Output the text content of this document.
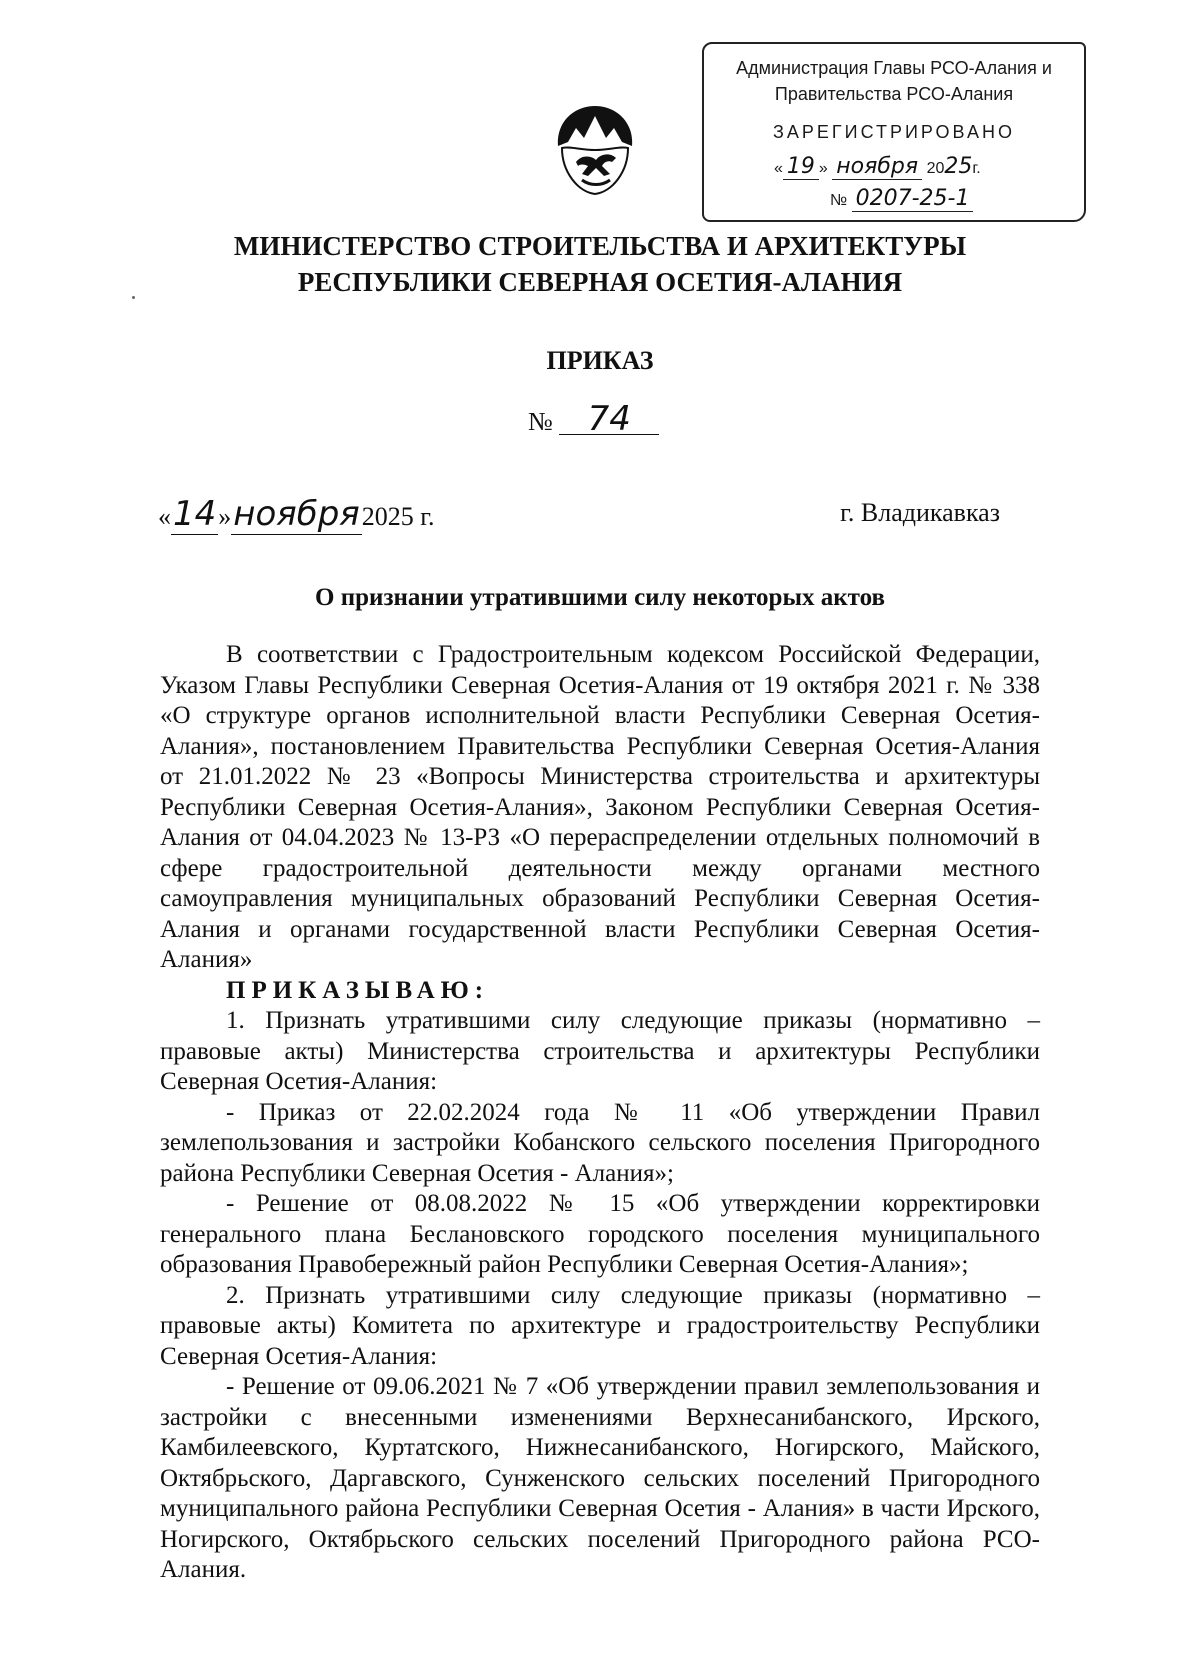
Администрация Главы РСО-Алания и
Правительства РСО-Алания
ЗАРЕГИСТРИРОВАНО
« 19 » ноября 2025г.
№ 0207-25-1
МИНИСТЕРСТВО СТРОИТЕЛЬСТВА И АРХИТЕКТУРЫ
РЕСПУБЛИКИ СЕВЕРНАЯ ОСЕТИЯ-АЛАНИЯ
ПРИКАЗ
№ 74
«14»ноября2025 г.	г. Владикавказ
О признании утратившими силу некоторых актов

В соответствии с Градостроительным кодексом Российской Федерации, Указом Главы Республики Северная Осетия-Алания от 19 октября 2021 г. № 338 «О структуре органов исполнительной власти Республики Северная Осетия-Алания», постановлением Правительства Республики Северная Осетия-Алания от 21.01.2022 № 23 «Вопросы Министерства строительства и архитектуры Республики Северная Осетия-Алания», Законом Республики Северная Осетия-Алания от 04.04.2023 № 13-РЗ «О перераспределении отдельных полномочий в сфере градостроительной деятельности между органами местного самоуправления муниципальных образований Республики Северная Осетия-Алания и органами государственной власти Республики Северная Осетия-Алания»

ПРИКАЗЫВАЮ:

1. Признать утратившими силу следующие приказы (нормативно – правовые акты) Министерства строительства и архитектуры Республики Северная Осетия-Алания:

- Приказ от 22.02.2024 года № 11 «Об утверждении Правил землепользования и застройки Кобанского сельского поселения Пригородного района Республики Северная Осетия - Алания»;

- Решение от 08.08.2022 № 15 «Об утверждении корректировки генерального плана Беслановского городского поселения муниципального образования Правобережный район Республики Северная Осетия-Алания»;

2. Признать утратившими силу следующие приказы (нормативно – правовые акты) Комитета по архитектуре и градостроительству Республики Северная Осетия-Алания:

- Решение от 09.06.2021 № 7 «Об утверждении правил землепользования и застройки с внесенными изменениями Верхнесанибанского, Ирского, Камбилеевского, Куртатского, Нижнесанибанского, Ногирского, Майского, Октябрьского, Даргавского, Сунженского сельских поселений Пригородного муниципального района Республики Северная Осетия - Алания» в части Ирского, Ногирского, Октябрьского сельских поселений Пригородного района РСО-Алания.
